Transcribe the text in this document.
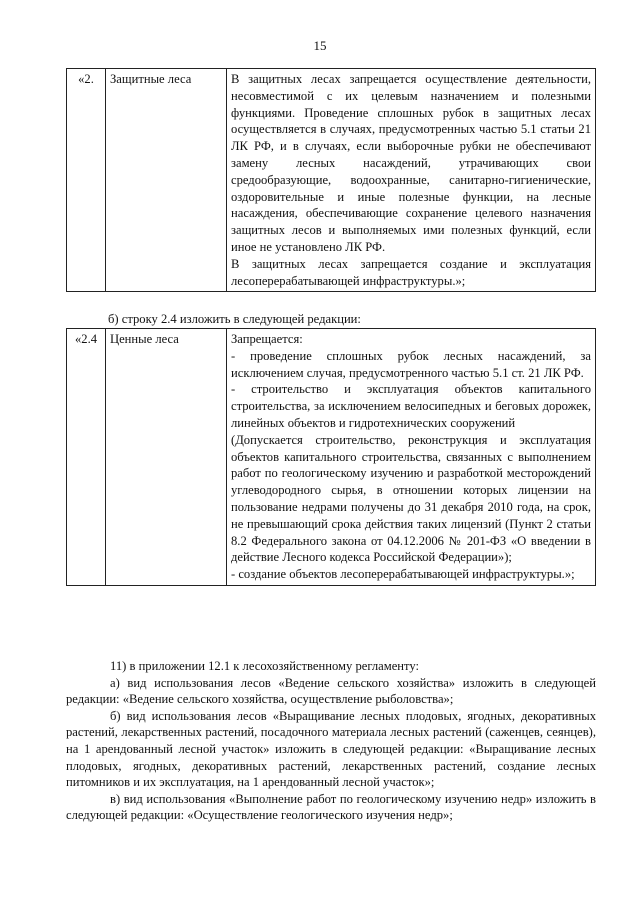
15
«2.	Защитные леса	В защитных лесах запрещается осуществление деятельности, несовместимой с их целевым назначением и полезными функциями. Проведение сплошных рубок в защитных лесах осуществляется в случаях, предусмотренных частью 5.1 статьи 21 ЛК РФ, и в случаях, если выборочные рубки не обеспечивают замену лесных насаждений, утрачивающих свои средообразующие, водоохранные, санитарно-гигиенические, оздоровительные и иные полезные функции, на лесные насаждения, обеспечивающие сохранение целевого назначения защитных лесов и выполняемых ими полезных функций, если иное не установлено ЛК РФ.

В защитных лесах запрещается создание и эксплуатация лесоперерабатывающей инфраструктуры.»;

б) строку 2.4 изложить в следующей редакции:
«2.4	Ценные леса	Запрещается:

- проведение сплошных рубок лесных насаждений, за исключением случая, предусмотренного частью 5.1 ст. 21 ЛК РФ.

- строительство и эксплуатация объектов капитального строительства, за исключением велосипедных и беговых дорожек, линейных объектов и гидротехнических сооружений

(Допускается строительство, реконструкция и эксплуатация объектов капитального строительства, связанных с выполнением работ по геологическому изучению и разработкой месторождений углеводородного сырья, в отношении которых лицензии на пользование недрами получены до 31 декабря 2010 года, на срок, не превышающий срока действия таких лицензий (Пункт 2 статьи 8.2 Федерального закона от 04.12.2006 № 201-ФЗ «О введении в действие Лесного кодекса Российской Федерации»);

- создание объектов лесоперерабатывающей инфраструктуры.»;

11) в приложении 12.1 к лесохозяйственному регламенту:

а) вид использования лесов «Ведение сельского хозяйства» изложить в следующей редакции: «Ведение сельского хозяйства, осуществление рыболовства»;

б) вид использования лесов «Выращивание лесных плодовых, ягодных, декоративных растений, лекарственных растений, посадочного материала лесных растений (саженцев, сеянцев), на 1 арендованный лесной участок» изложить в следующей редакции: «Выращивание лесных плодовых, ягодных, декоративных растений, лекарственных растений, создание лесных питомников и их эксплуатация, на 1 арендованный лесной участок»;

в) вид использования «Выполнение работ по геологическому изучению недр» изложить в следующей редакции: «Осуществление геологического изучения недр»;
